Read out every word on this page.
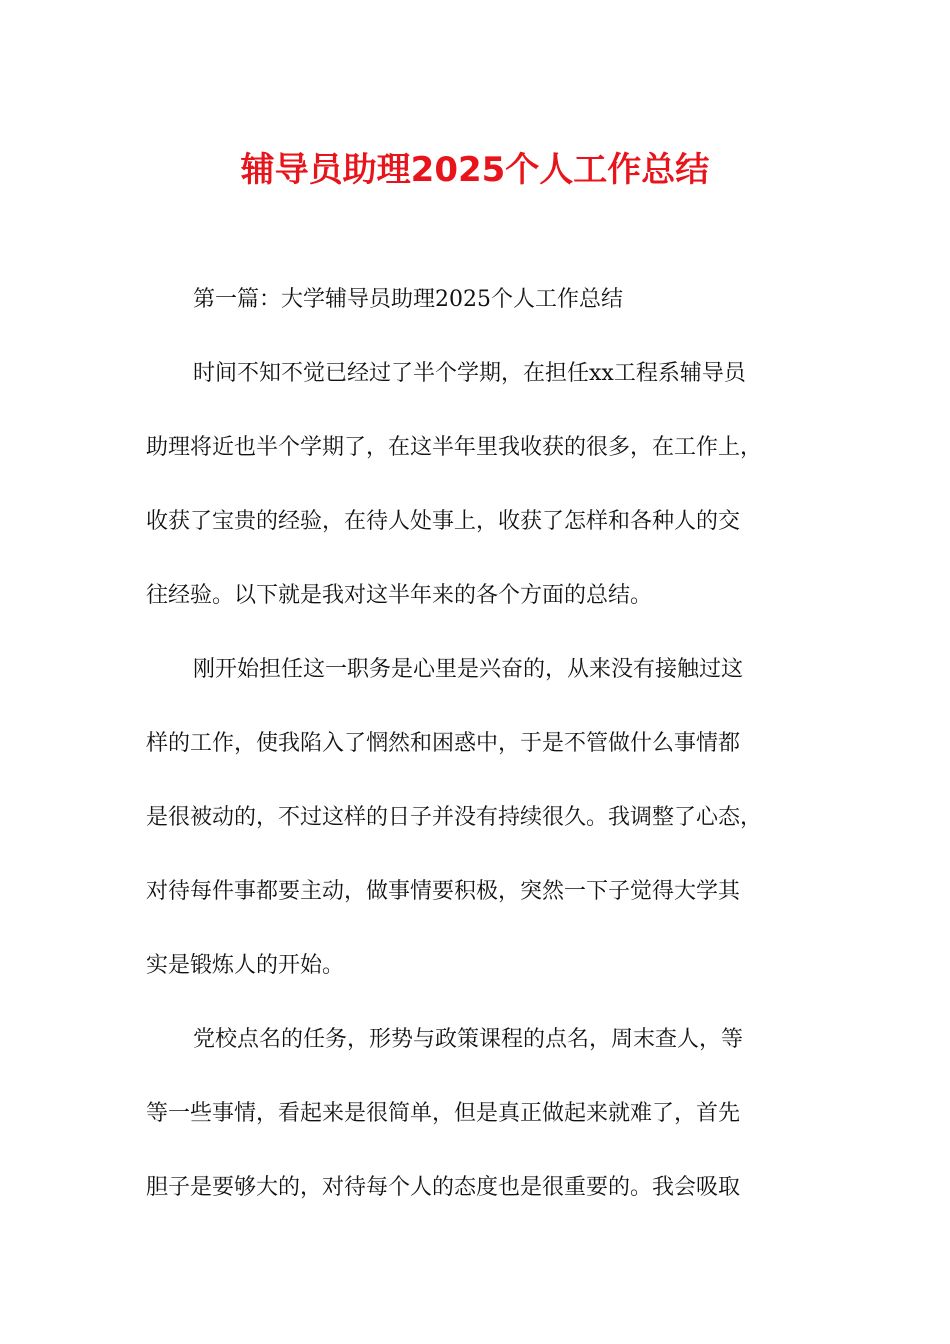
辅导员助理2025个人工作总结
第一篇：大学辅导员助理2025个人工作总结
时间不知不觉已经过了半个学期，在担任xx工程系辅导员
助理将近也半个学期了，在这半年里我收获的很多，在工作上，
收获了宝贵的经验，在待人处事上，收获了怎样和各种人的交
往经验。以下就是我对这半年来的各个方面的总结。
刚开始担任这一职务是心里是兴奋的，从来没有接触过这
样的工作，使我陷入了惘然和困惑中，于是不管做什么事情都
是很被动的，不过这样的日子并没有持续很久。我调整了心态，
对待每件事都要主动，做事情要积极，突然一下子觉得大学其
实是锻炼人的开始。
党校点名的任务，形势与政策课程的点名，周末查人，等
等一些事情，看起来是很简单，但是真正做起来就难了，首先
胆子是要够大的，对待每个人的态度也是很重要的。我会吸取
